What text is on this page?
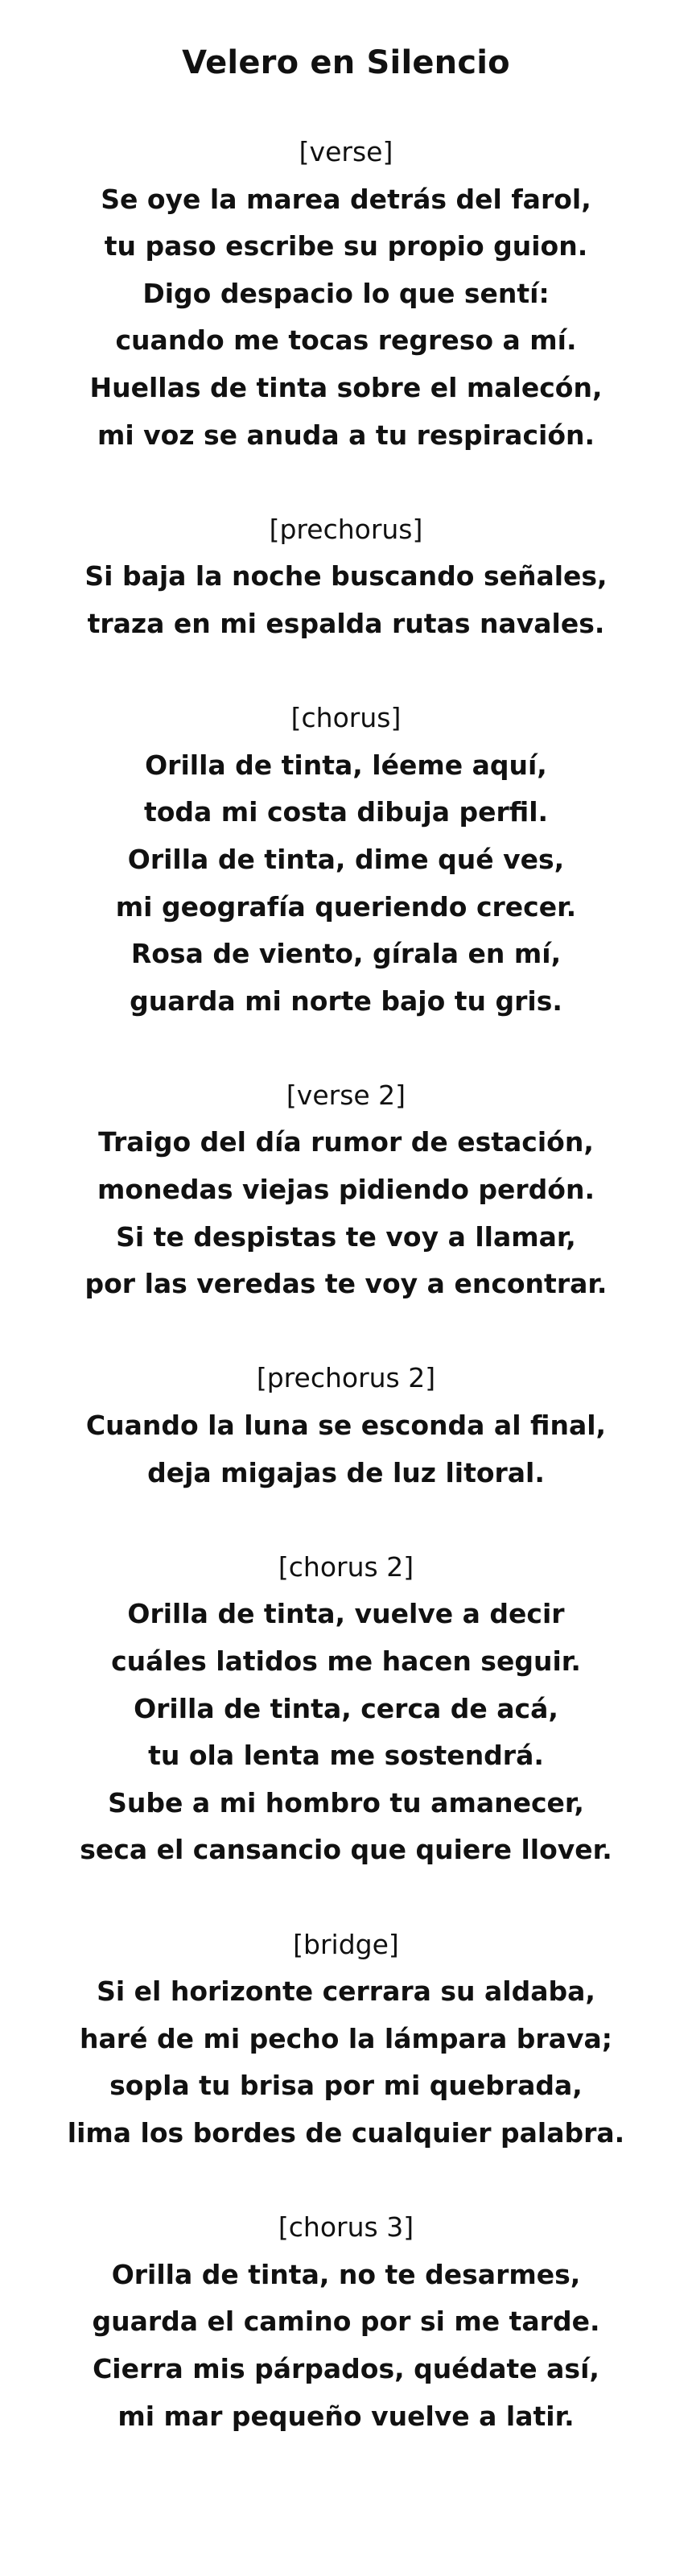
Velero en Silencio
[verse]
Se oye la marea detrás del farol,
tu paso escribe su propio guion.
Digo despacio lo que sentí:
cuando me tocas regreso a mí.
Huellas de tinta sobre el malecón,
mi voz se anuda a tu respiración.
[prechorus]
Si baja la noche buscando señales,
traza en mi espalda rutas navales.
[chorus]
Orilla de tinta, léeme aquí,
toda mi costa dibuja perfil.
Orilla de tinta, dime qué ves,
mi geografía queriendo crecer.
Rosa de viento, gírala en mí,
guarda mi norte bajo tu gris.
[verse 2]
Traigo del día rumor de estación,
monedas viejas pidiendo perdón.
Si te despistas te voy a llamar,
por las veredas te voy a encontrar.
[prechorus 2]
Cuando la luna se esconda al final,
deja migajas de luz litoral.
[chorus 2]
Orilla de tinta, vuelve a decir
cuáles latidos me hacen seguir.
Orilla de tinta, cerca de acá,
tu ola lenta me sostendrá.
Sube a mi hombro tu amanecer,
seca el cansancio que quiere llover.
[bridge]
Si el horizonte cerrara su aldaba,
haré de mi pecho la lámpara brava;
sopla tu brisa por mi quebrada,
lima los bordes de cualquier palabra.
[chorus 3]
Orilla de tinta, no te desarmes,
guarda el camino por si me tarde.
Cierra mis párpados, quédate así,
mi mar pequeño vuelve a latir.
